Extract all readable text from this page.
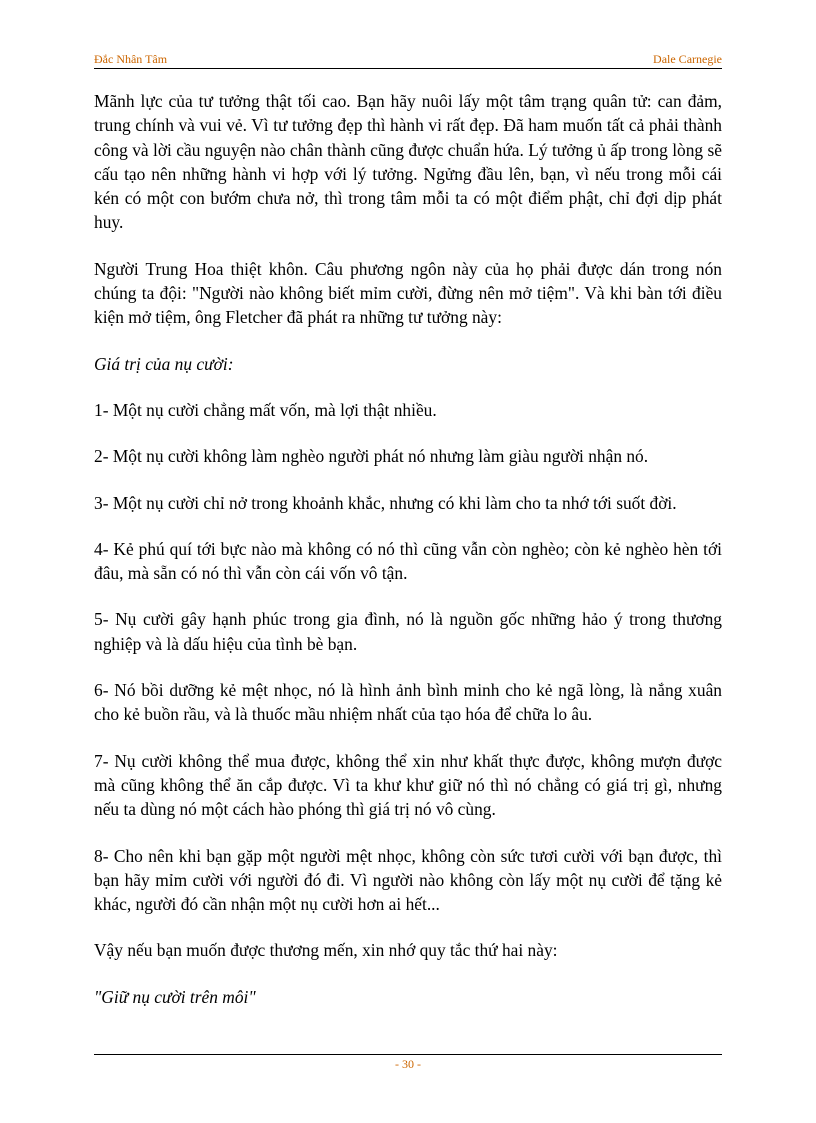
Đắc Nhân Tâm	Dale Carnegie

Mãnh lực của tư tưởng thật tối cao. Bạn hãy nuôi lấy một tâm trạng quân tử: can đảm, trung chính và vui vẻ. Vì tư tưởng đẹp thì hành vi rất đẹp. Đã ham muốn tất cả phải thành công và lời cầu nguyện nào chân thành cũng được chuẩn hứa. Lý tưởng ủ ấp trong lòng sẽ cấu tạo nên những hành vi hợp với lý tưởng. Ngửng đầu lên, bạn, vì nếu trong mỗi cái kén có một con bướm chưa nở, thì trong tâm mỗi ta có một điểm phật, chỉ đợi dịp phát huy.

Người Trung Hoa thiệt khôn. Câu phương ngôn này của họ phải được dán trong nón chúng ta đội: "Người nào không biết mỉm cười, đừng nên mở tiệm". Và khi bàn tới điều kiện mở tiệm, ông Fletcher đã phát ra những tư tưởng này:

Giá trị của nụ cười:

1- Một nụ cười chẳng mất vốn, mà lợi thật nhiều.

2- Một nụ cười không làm nghèo người phát nó nhưng làm giàu người nhận nó.

3- Một nụ cười chỉ nở trong khoảnh khắc, nhưng có khi làm cho ta nhớ tới suốt đời.

4- Kẻ phú quí tới bực nào mà không có nó thì cũng vẫn còn nghèo; còn kẻ nghèo hèn tới đâu, mà sẵn có nó thì vẫn còn cái vốn vô tận.

5- Nụ cười gây hạnh phúc trong gia đình, nó là nguồn gốc những hảo ý trong thương nghiệp và là dấu hiệu của tình bè bạn.

6- Nó bồi dưỡng kẻ mệt nhọc, nó là hình ảnh bình minh cho kẻ ngã lòng, là nắng xuân cho kẻ buồn rầu, và là thuốc mầu nhiệm nhất của tạo hóa để chữa lo âu.

7- Nụ cười không thể mua được, không thể xin như khất thực được, không mượn được mà cũng không thể ăn cắp được. Vì ta khư khư giữ nó thì nó chẳng có giá trị gì, nhưng nếu ta dùng nó một cách hào phóng thì giá trị nó vô cùng.

8- Cho nên khi bạn gặp một người mệt nhọc, không còn sức tươi cười với bạn được, thì bạn hãy mỉm cười với người đó đi. Vì người nào không còn lấy một nụ cười để tặng kẻ khác, người đó cần nhận một nụ cười hơn ai hết...

Vậy nếu bạn muốn được thương mến, xin nhớ quy tắc thứ hai này:

"Giữ nụ cười trên môi"

- 30 -
